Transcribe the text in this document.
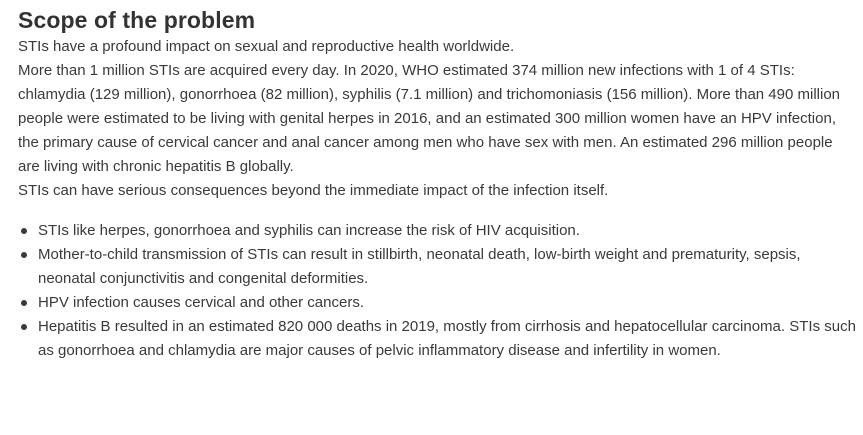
Scope of the problem

STIs have a profound impact on sexual and reproductive health worldwide.

More than 1 million STIs are acquired every day. In 2020, WHO estimated 374 million new infections with 1 of 4 STIs: chlamydia (129 million), gonorrhoea (82 million), syphilis (7.1 million) and trichomoniasis (156 million). More than 490 million people were estimated to be living with genital herpes in 2016, and an estimated 300 million women have an HPV infection, the primary cause of cervical cancer and anal cancer among men who have sex with men. An estimated 296 million people are living with chronic hepatitis B globally.

STIs can have serious consequences beyond the immediate impact of the infection itself.

STIs like herpes, gonorrhoea and syphilis can increase the risk of HIV acquisition.
Mother-to-child transmission of STIs can result in stillbirth, neonatal death, low-birth weight and prematurity, sepsis, neonatal conjunctivitis and congenital deformities.
HPV infection causes cervical and other cancers.
Hepatitis B resulted in an estimated 820 000 deaths in 2019, mostly from cirrhosis and hepatocellular carcinoma. STIs such as gonorrhoea and chlamydia are major causes of pelvic inflammatory disease and infertility in women.
